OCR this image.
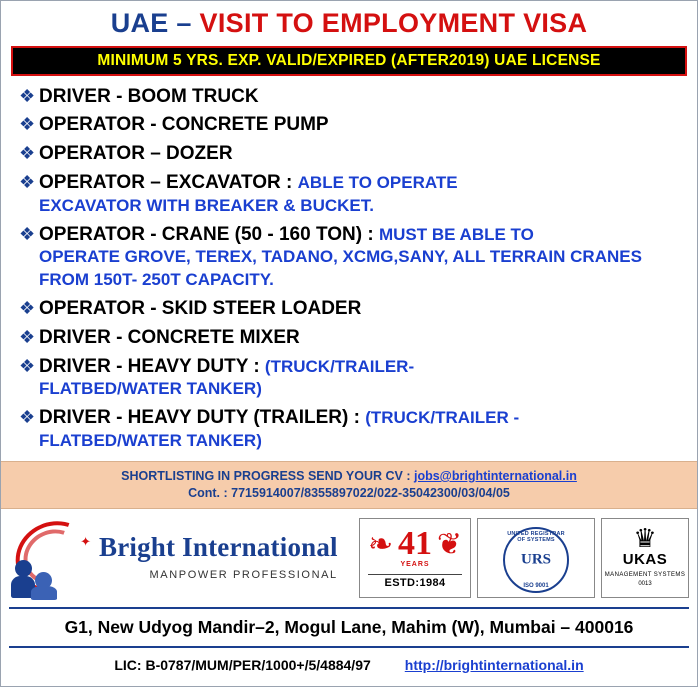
UAE – VISIT TO EMPLOYMENT VISA
MINIMUM 5 YRS. EXP. VALID/EXPIRED (AFTER2019) UAE LICENSE
❖ DRIVER - BOOM TRUCK
❖ OPERATOR - CONCRETE PUMP
❖ OPERATOR – DOZER
❖ OPERATOR – EXCAVATOR : ABLE TO OPERATE
EXCAVATOR WITH BREAKER & BUCKET.
❖ OPERATOR - CRANE (50 - 160 TON) : MUST BE ABLE TO
OPERATE GROVE, TEREX, TADANO, XCMG,SANY, ALL TERRAIN CRANES FROM 150T- 250T CAPACITY.
❖ OPERATOR - SKID STEER LOADER
❖ DRIVER - CONCRETE MIXER
❖ DRIVER - HEAVY DUTY : (TRUCK/TRAILER-
FLATBED/WATER TANKER)
❖ DRIVER - HEAVY DUTY (TRAILER) : (TRUCK/TRAILER -
FLATBED/WATER TANKER)
SHORTLISTING IN PROGRESS SEND YOUR CV : jobs@brightinternational.in
Cont. : 7715914007/8355897022/022-35042300/03/04/05
✦ Bright International
MANPOWER PROFESSIONAL
❧ ❦
41
YEARS
ESTD:1984
UNITED REGISTRAR OF SYSTEMS
URS
ISO 9001
♛
UKAS
MANAGEMENT SYSTEMS
0013
G1, New Udyog Mandir–2, Mogul Lane, Mahim (W), Mumbai – 400016
LIC: B-0787/MUM/PER/1000+/5/4884/97 http://brightinternational.in
